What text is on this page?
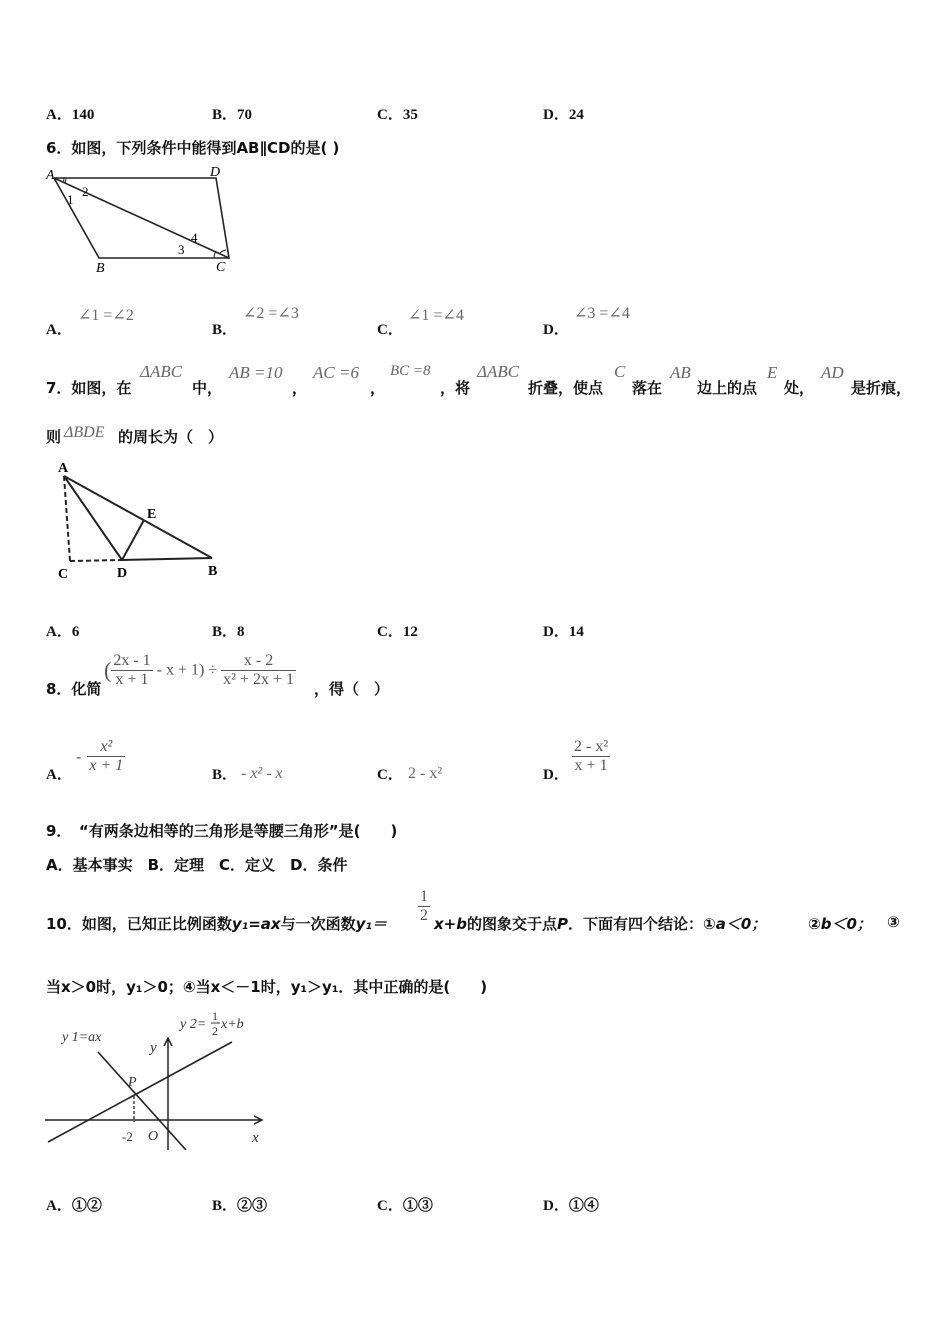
A．140	B．70	C．35	D．24
6．如图，下列条件中能得到AB∥CD的是( )
A	D
B	C
1
2
3
4
A．
∠1 =∠2
B．
∠2 =∠3
C．
∠1 =∠4
D．
∠3 =∠4
7．如图，在
ΔABC
中，
AB =10
，
AC =6
，
BC =8
，将
ΔABC
折叠，使点
C
落在
AB
边上的点
E
处，
AD
是折痕，
则 ΔBDE 的周长为（　）
A
E
C	D	B
A．6	B．8	C．12	D．14
8．化简
( $\frac{2x - 1}{x + 1} - x + 1) \div \frac{x - 2}{\text{x² + 2x + 1}}$ ，得（　）
A．
- $\frac{\text{x²}}{x + 1}$	B． - x² - x	C． 2 - x²	D． $\frac{\text{2 - x²}}{x + 1}$
9．　“有两条边相等的三角形是等腰三角形”是(　　)
A．基本事实　B．定理　C．定义　D．条件
10．如图，已知正比例函数y₁=ax与一次函数$y_1= \frac{1}{2} x+b$的图象交于点P．下面有四个结论：①a＜0；	②b＜0； ③
当x＞0时，y₁＞0；④当x＜－1时，y₁＞y₁．其中正确的是(　　)
y 1=ax
y 2=
1
2 x+b
y
x
P
O
-2
A．①②	B．②③	C．①③	D．①④
